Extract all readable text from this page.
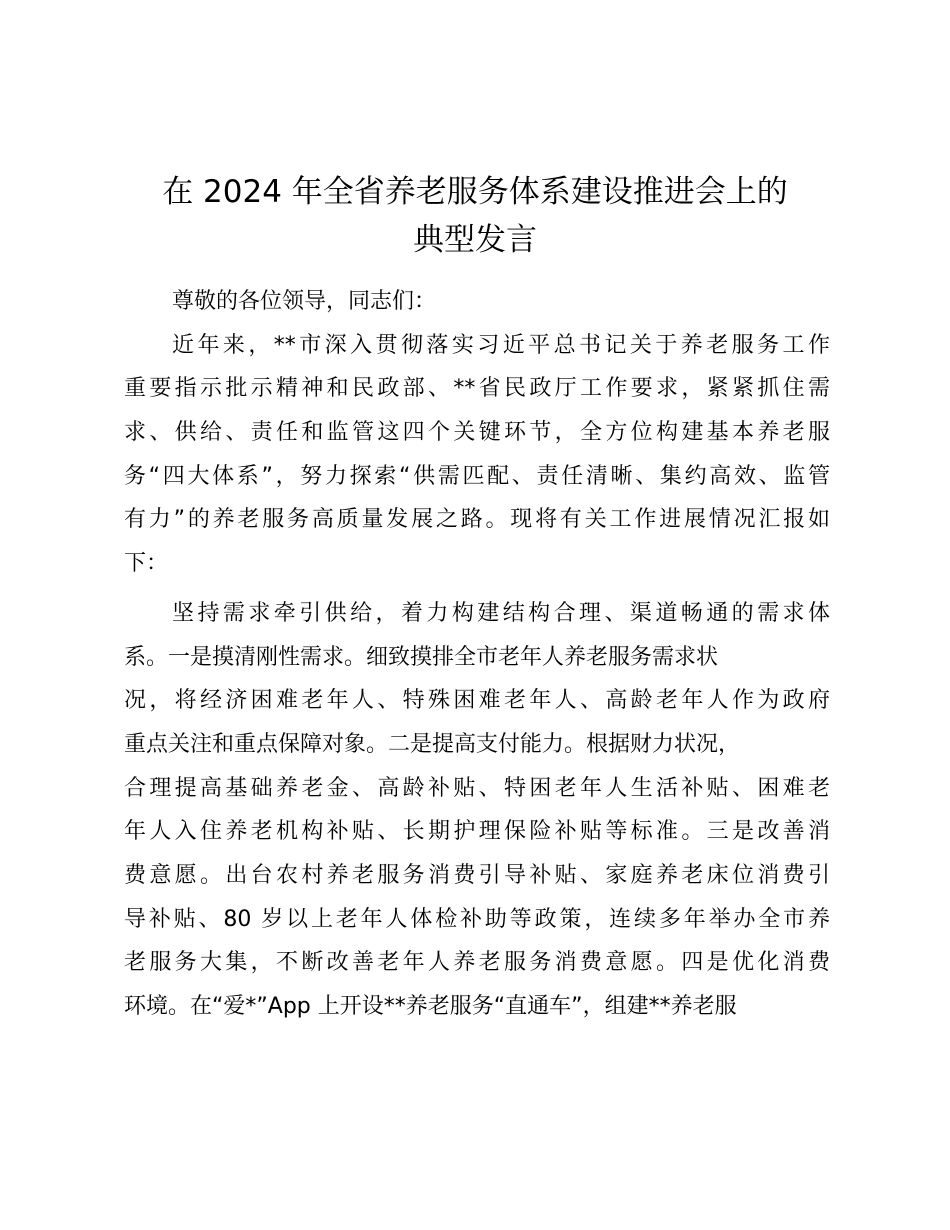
在 2024 年全省养老服务体系建设推进会上的
典型发言
尊敬的各位领导，同志们：
近年来，**市深入贯彻落实习近平总书记关于养老服务工作
重要指示批示精神和民政部、**省民政厅工作要求，紧紧抓住需
求、供给、责任和监管这四个关键环节，全方位构建基本养老服
务“四大体系”，努力探索“供需匹配、责任清晰、集约高效、监管
有力”的养老服务高质量发展之路。现将有关工作进展情况汇报如
下：
坚持需求牵引供给，着力构建结构合理、渠道畅通的需求体
系。一是摸清刚性需求。细致摸排全市老年人养老服务需求状
况，将经济困难老年人、特殊困难老年人、高龄老年人作为政府
重点关注和重点保障对象。二是提高支付能力。根据财力状况，
合理提高基础养老金、高龄补贴、特困老年人生活补贴、困难老
年人入住养老机构补贴、长期护理保险补贴等标准。三是改善消
费意愿。出台农村养老服务消费引导补贴、家庭养老床位消费引
导补贴、80 岁以上老年人体检补助等政策，连续多年举办全市养
老服务大集，不断改善老年人养老服务消费意愿。四是优化消费
环境。在“爱*”App 上开设**养老服务“直通车”，组建**养老服
